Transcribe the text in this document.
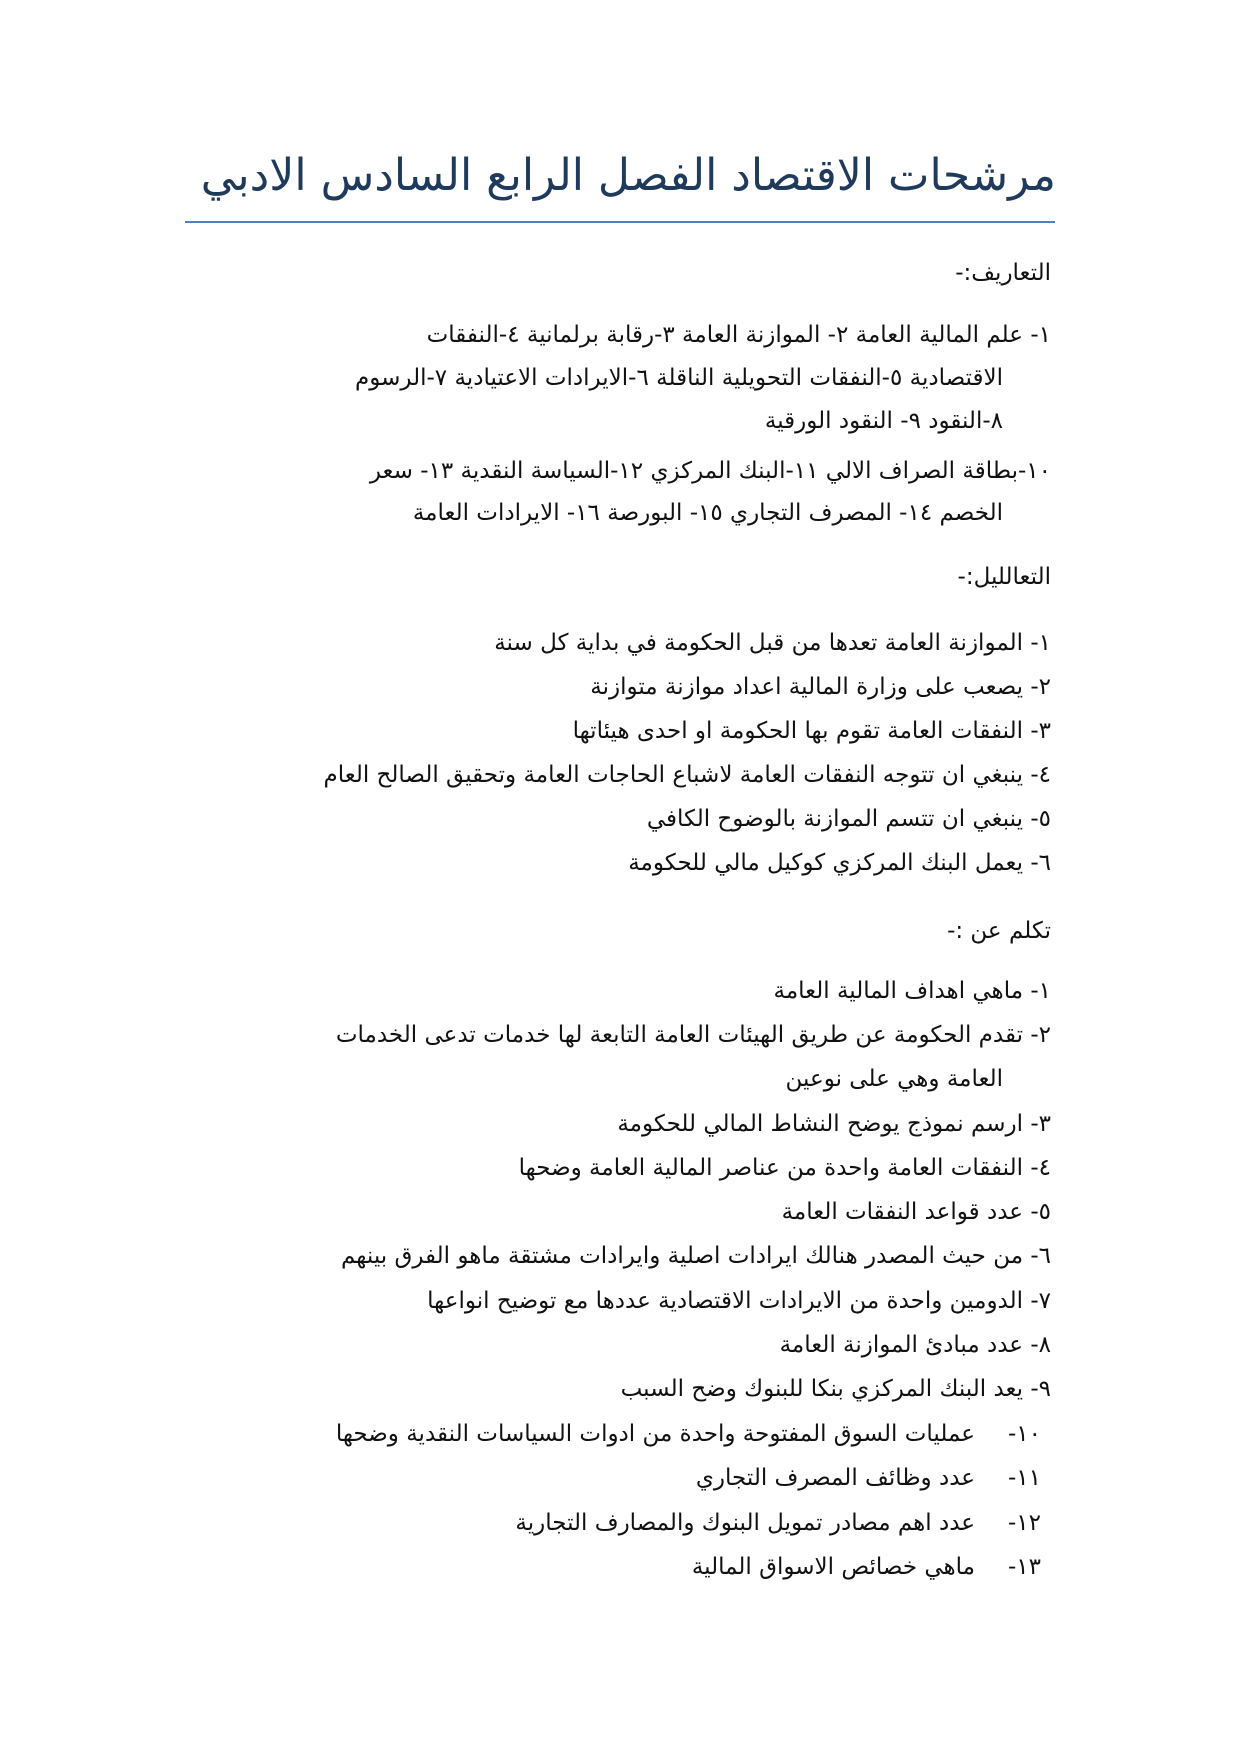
مرشحات الاقتصاد الفصل الرابع السادس الادبي
التعاريف:-
١- علم المالية العامة ٢- الموازنة العامة ٣-رقابة برلمانية ٤-النفقات
الاقتصادية ٥-النفقات التحويلية الناقلة ٦-الايرادات الاعتيادية ٧-الرسوم
٨-النقود ٩- النقود الورقية
١٠-بطاقة الصراف الالي ١١-البنك المركزي ١٢-السياسة النقدية ١٣- سعر
الخصم ١٤- المصرف التجاري ١٥- البورصة ١٦- الايرادات العامة
التعالليل:-
١- الموازنة العامة تعدها من قبل الحكومة في بداية كل سنة
٢- يصعب على وزارة المالية اعداد موازنة متوازنة
٣- النفقات العامة تقوم بها الحكومة او احدى هيئاتها
٤- ينبغي ان تتوجه النفقات العامة لاشباع الحاجات العامة وتحقيق الصالح العام
٥- ينبغي ان تتسم الموازنة بالوضوح الكافي
٦- يعمل البنك المركزي كوكيل مالي للحكومة
تكلم عن :-
١- ماهي اهداف المالية العامة
٢- تقدم الحكومة عن طريق الهيئات العامة التابعة لها خدمات تدعى الخدمات
العامة وهي على نوعين
٣- ارسم نموذج يوضح النشاط المالي للحكومة
٤- النفقات العامة واحدة من عناصر المالية العامة وضحها
٥- عدد قواعد النفقات العامة
٦- من حيث المصدر هنالك ايرادات اصلية وايرادات مشتقة ماهو الفرق بينهم
٧- الدومين واحدة من الايرادات الاقتصادية عددها مع توضيح انواعها
٨- عدد مبادئ الموازنة العامة
٩- يعد البنك المركزي بنكا للبنوك وضح السبب
١٠-عمليات السوق المفتوحة واحدة من ادوات السياسات النقدية وضحها
١١-عدد وظائف المصرف التجاري
١٢-عدد اهم مصادر تمويل البنوك والمصارف التجارية
١٣-ماهي خصائص الاسواق المالية
